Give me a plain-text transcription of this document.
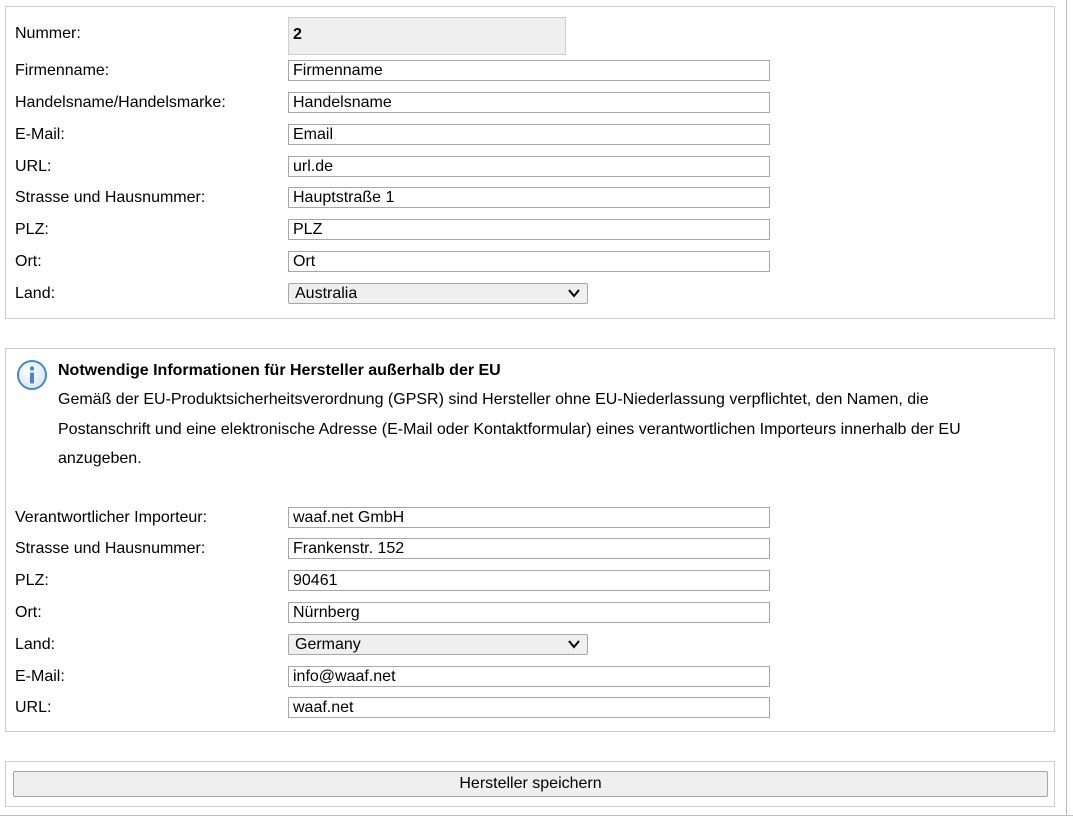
Nummer:	2
Firmenname:
Firmenname
Handelsname/Handelsmarke:
Handelsname
E-Mail:
Email
URL:
url.de
Strasse und Hausnummer:
Hauptstraße 1
PLZ:
PLZ
Ort:
Ort
Land:	Australia
Notwendige Informationen für Hersteller außerhalb der EU
Gemäß der EU-Produktsicherheitsverordnung (GPSR) sind Hersteller ohne EU-Niederlassung verpflichtet, den Namen, die Postanschrift und eine elektronische Adresse (E-Mail oder Kontaktformular) eines verantwortlichen Importeurs innerhalb der EU anzugeben.
Verantwortlicher Importeur:
waaf.net GmbH
Strasse und Hausnummer:
Frankenstr. 152
PLZ:
90461
Ort:
Nürnberg
Land:	Germany
E-Mail:
info@waaf.net
URL:
waaf.net
Hersteller speichern
